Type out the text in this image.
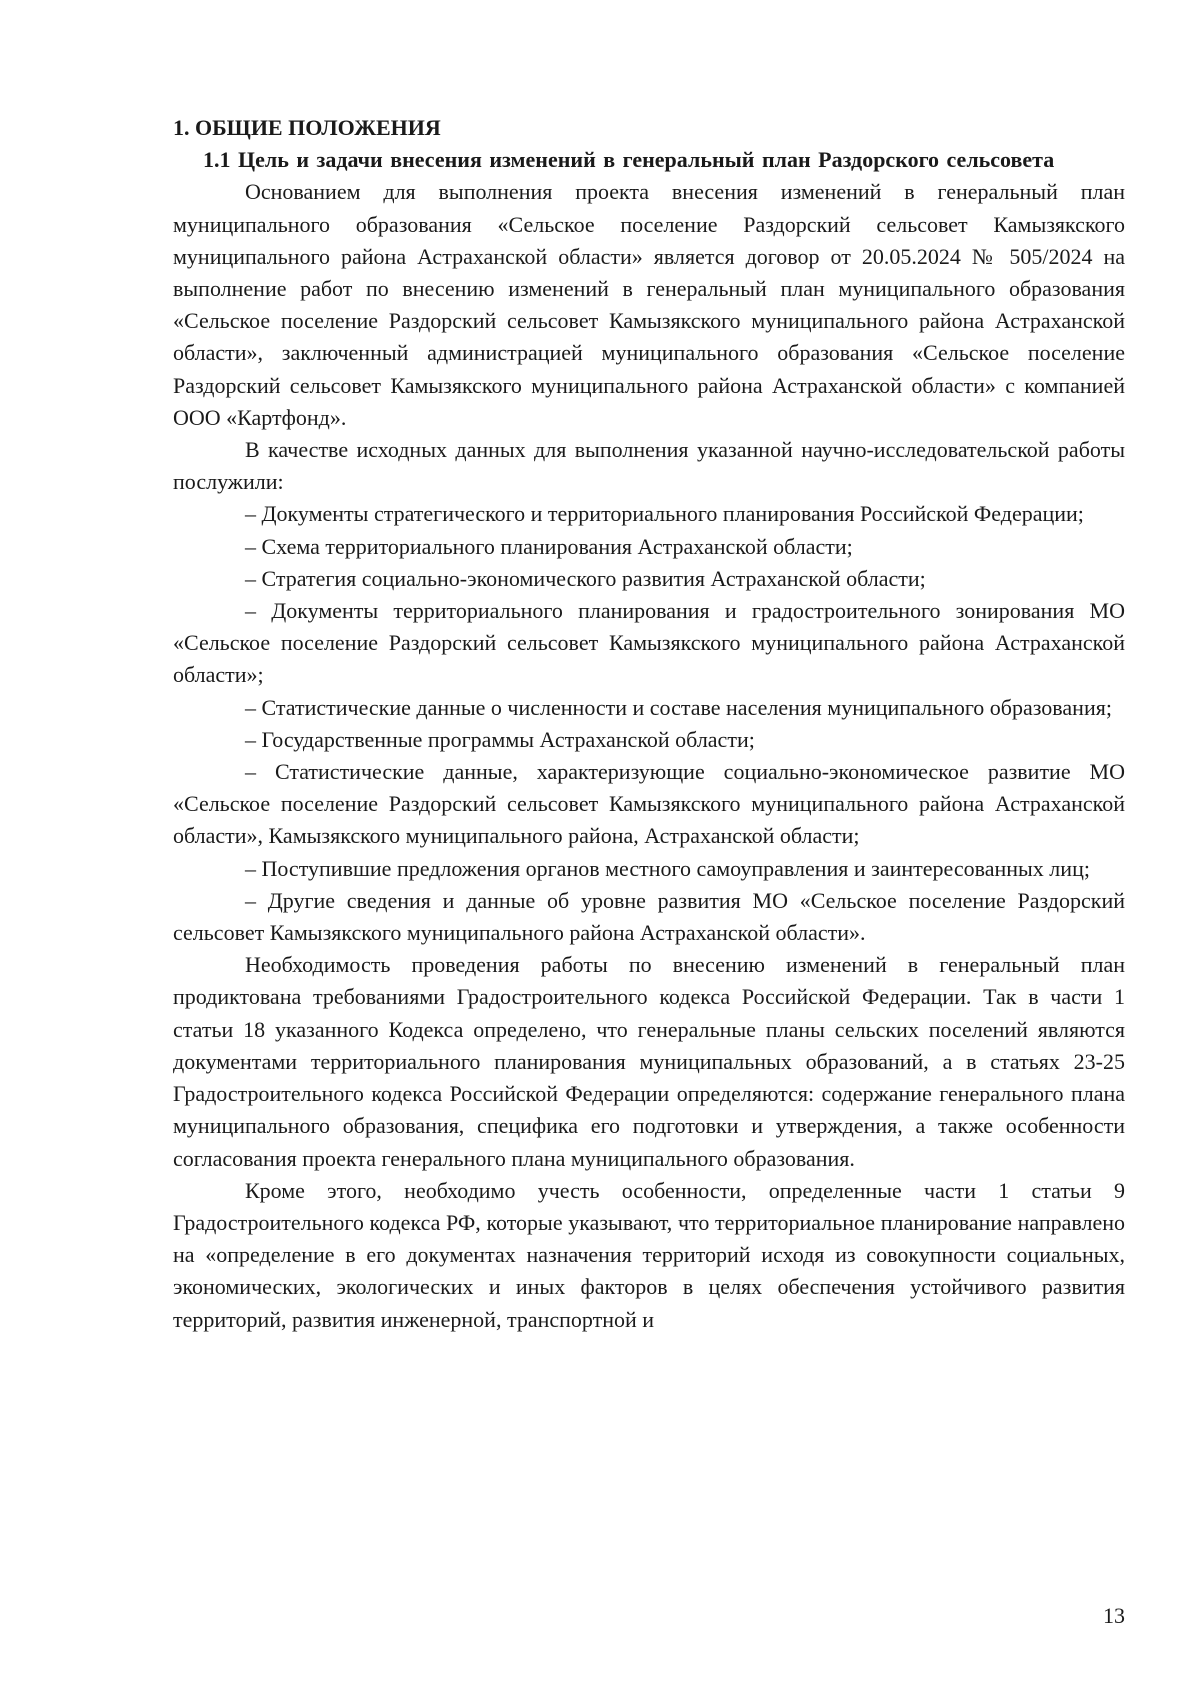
1. ОБЩИЕ ПОЛОЖЕНИЯ

1.1 Цель и задачи внесения изменений в генеральный план Раздорского сельсовета

Основанием для выполнения проекта внесения изменений в генеральный план муниципального образования «Сельское поселение Раздорский сельсовет Камызякского муниципального района Астраханской области» является договор от 20.05.2024 № 505/2024 на выполнение работ по внесению изменений в генеральный план муниципального образования «Сельское поселение Раздорский сельсовет Камызякского муниципального района Астраханской области», заключенный администрацией муниципального образования «Сельское поселение Раздорский сельсовет Камызякского муниципального района Астраханской области» с компанией ООО «Картфонд».

В качестве исходных данных для выполнения указанной научно-исследовательской работы послужили:

– Документы стратегического и территориального планирования Российской Федерации;

– Схема территориального планирования Астраханской области;

– Стратегия социально-экономического развития Астраханской области;

– Документы территориального планирования и градостроительного зонирования МО «Сельское поселение Раздорский сельсовет Камызякского муниципального района Астраханской области»;

– Статистические данные о численности и составе населения муниципального образования;

– Государственные программы Астраханской области;

– Статистические данные, характеризующие социально-экономическое развитие МО «Сельское поселение Раздорский сельсовет Камызякского муниципального района Астраханской области», Камызякского муниципального района, Астраханской области;

– Поступившие предложения органов местного самоуправления и заинтересованных лиц;

– Другие сведения и данные об уровне развития МО «Сельское поселение Раздорский сельсовет Камызякского муниципального района Астраханской области».

Необходимость проведения работы по внесению изменений в генеральный план продиктована требованиями Градостроительного кодекса Российской Федерации. Так в части 1 статьи 18 указанного Кодекса определено, что генеральные планы сельских поселений являются документами территориального планирования муниципальных образований, а в статьях 23-25 Градостроительного кодекса Российской Федерации определяются: содержание генерального плана муниципального образования, специфика его подготовки и утверждения, а также особенности согласования проекта генерального плана муниципального образования.

Кроме этого, необходимо учесть особенности, определенные части 1 статьи 9 Градостроительного кодекса РФ, которые указывают, что территориальное планирование направлено на «определение в его документах назначения территорий исходя из совокупности социальных, экономических, экологических и иных факторов в целях обеспечения устойчивого развития территорий, развития инженерной, транспортной и

13
